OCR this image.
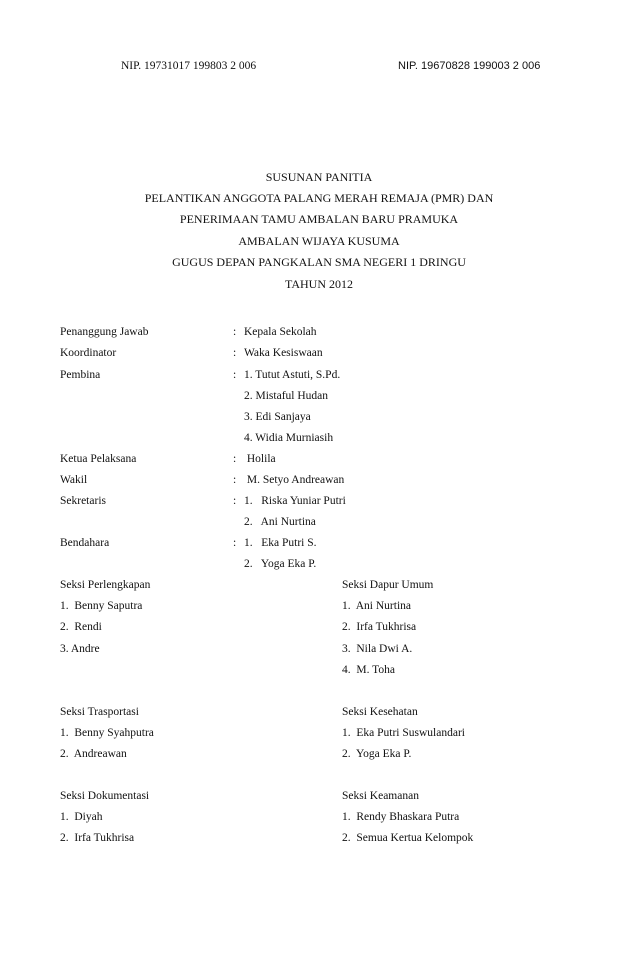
NIP. 19731017 199803 2 006	NIP. 19670828 199003 2 006
SUSUNAN PANITIA
PELANTIKAN ANGGOTA PALANG MERAH REMAJA (PMR) DAN
PENERIMAAN TAMU AMBALAN BARU PRAMUKA
AMBALAN WIJAYA KUSUMA
GUGUS DEPAN PANGKALAN SMA NEGERI 1 DRINGU
TAHUN 2012
Penanggung Jawab	: Kepala Sekolah
Koordinator	: Waka Kesiswaan
Pembina	: 1. Tutut Astuti, S.Pd.
2. Mistaful Hudan
3. Edi Sanjaya
4. Widia Murniasih
Ketua Pelaksana	: Holila
Wakil	: M. Setyo Andreawan
Sekretaris	: 1.   Riska Yuniar Putri
2.   Ani Nurtina
Bendahara	: 1.   Eka Putri S.
2.   Yoga Eka P.
Seksi Perlengkapan
1.  Benny Saputra
2.  Rendi
3. Andre
Seksi Dapur Umum
1.  Ani Nurtina
2.  Irfa Tukhrisa
3.  Nila Dwi A.
4.  M. Toha
Seksi Trasportasi
1.  Benny Syahputra
2.  Andreawan
Seksi Kesehatan
1.  Eka Putri Suswulandari
2.  Yoga Eka P.
Seksi Dokumentasi
1.  Diyah
2.  Irfa Tukhrisa
Seksi Keamanan
1.  Rendy Bhaskara Putra
2.  Semua Kertua Kelompok
